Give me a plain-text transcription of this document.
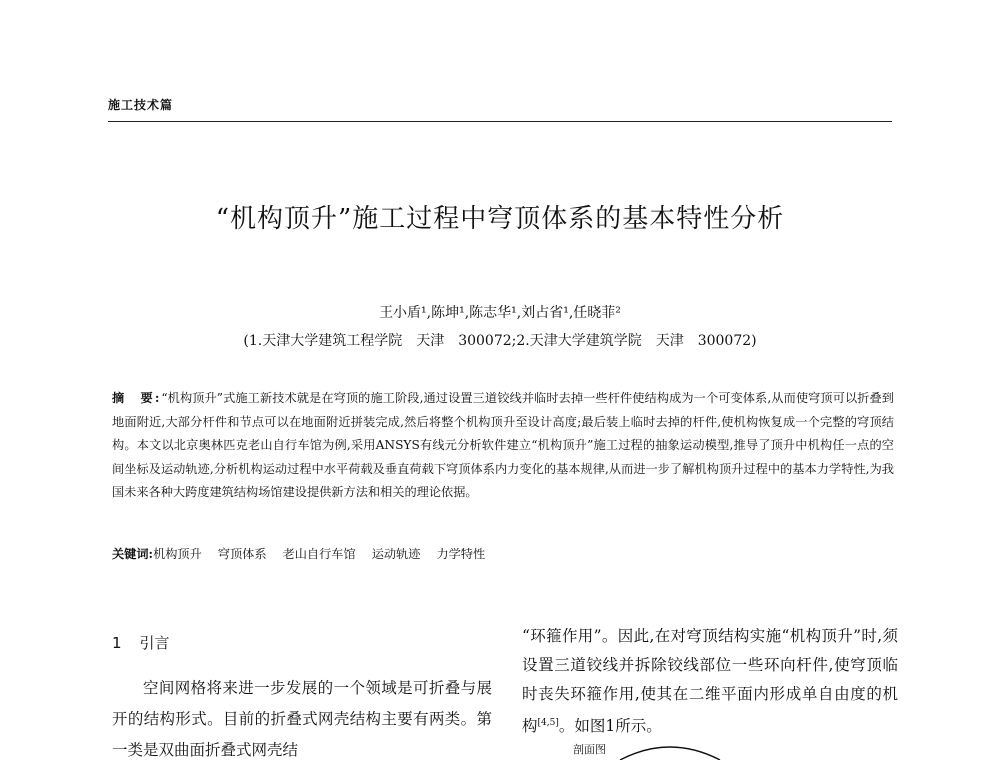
施工技术篇
“机构顶升”施工过程中穹顶体系的基本特性分析
王小盾¹,陈坤¹,陈志华¹,刘占省¹,任晓菲²
(1.天津大学建筑工程学院　天津　300072;2.天津大学建筑学院　天津　300072)
摘　要:“机构顶升”式施工新技术就是在穹顶的施工阶段,通过设置三道铰线并临时去掉一些杆件使结构成为一个可变体系,从而使穹顶可以折叠到地面附近,大部分杆件和节点可以在地面附近拼装完成,然后将整个机构顶升至设计高度;最后装上临时去掉的杆件,使机构恢复成一个完整的穹顶结构。本文以北京奥林匹克老山自行车馆为例,采用ANSYS有线元分析软件建立“机构顶升”施工过程的抽象运动模型,推导了顶升中机构任一点的空间坐标及运动轨迹,分析机构运动过程中水平荷载及垂直荷载下穹顶体系内力变化的基本规律,从而进一步了解机构顶升过程中的基本力学特性,为我国未来各种大跨度建筑结构场馆建设提供新方法和相关的理论依据。
关键词:机构顶升 穹顶体系 老山自行车馆 运动轨迹 力学特性
1 引言

空间网格将来进一步发展的一个领域是可折叠与展开的结构形式。目前的折叠式网壳结构主要有两类。第一类是双曲面折叠式网壳结

“环箍作用”。因此,在对穹顶结构实施“机构顶升”时,须设置三道铰线并拆除铰线部位一些环向杆件,使穹顶临时丧失环箍作用,使其在二维平面内形成单自由度的机构[4,5]。如图1所示。

剖面图
